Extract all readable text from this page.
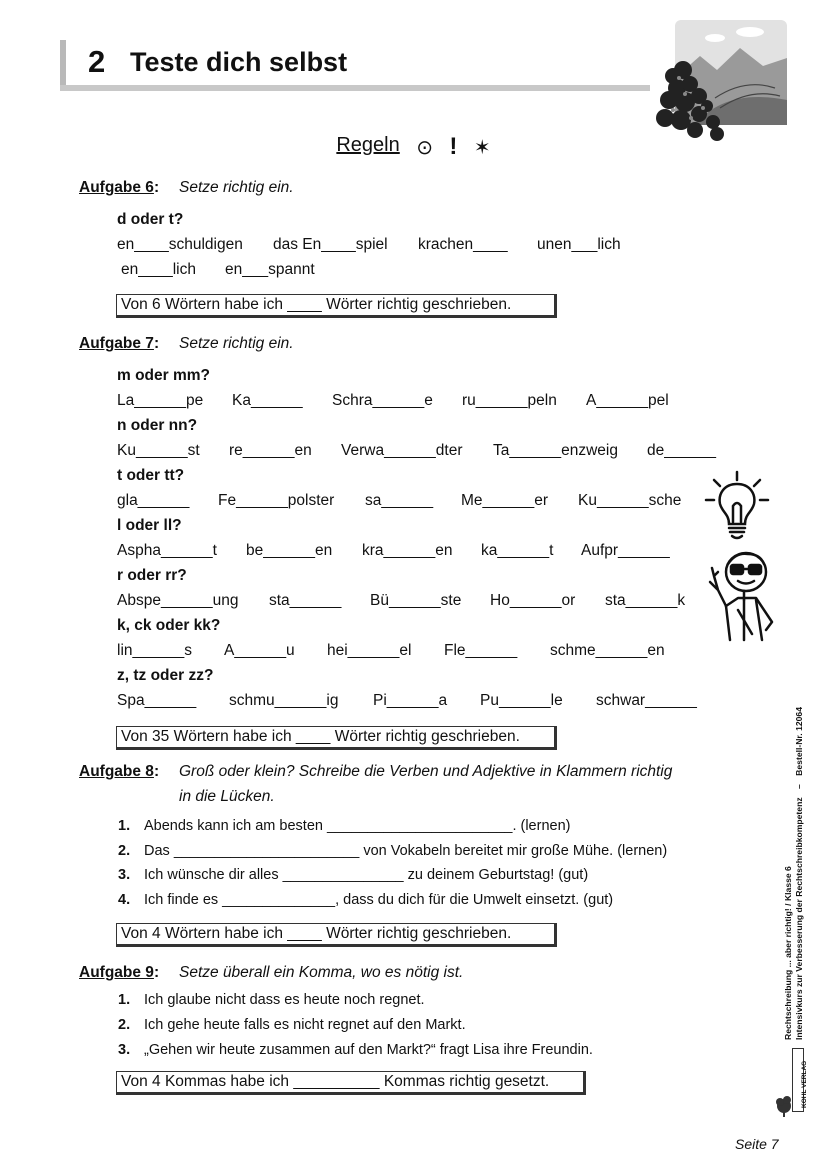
2 Teste dich selbst
Regeln ⊙ ! ✶
Aufgabe 6: Setze richtig ein.
d oder t?
en____schuldigen das En____spiel krachen____ unen___lich
en____lich en___spannt
Von 6 Wörtern habe ich ____ Wörter richtig geschrieben.
Aufgabe 7: Setze richtig ein.
m oder mm?
La______pe Ka______ Schra______e ru______peln A______pel
n oder nn?
Ku______st re______en Verwa______dter Ta______enzweig de______
t oder tt?
gla______ Fe______polster sa______ Me______er Ku______sche
l oder ll?
Aspha______t be______en kra______en ka______t Aufpr______
r oder rr?
Abspe______ung sta______ Bü______ste Ho______or sta______k
k, ck oder kk?
lin______s A______u hei______el Fle______ schme______en
z, tz oder zz?
Spa______ schmu______ig Pi______a Pu______le schwar______
Von 35 Wörtern habe ich ____ Wörter richtig geschrieben.
Aufgabe 8: Groß oder klein? Schreibe die Verben und Adjektive in Klammern richtig
in die Lücken.
1. Abends kann ich am besten _______________________. (lernen)
2. Das _______________________ von Vokabeln bereitet mir große Mühe. (lernen)
3. Ich wünsche dir alles _______________ zu deinem Geburtstag! (gut)
4. Ich finde es ______________, dass du dich für die Umwelt einsetzt. (gut)
Von 4 Wörtern habe ich ____ Wörter richtig geschrieben.
Aufgabe 9: Setze überall ein Komma, wo es nötig ist.
1. Ich glaube nicht dass es heute noch regnet.
2. Ich gehe heute falls es nicht regnet auf den Markt.
3. „Gehen wir heute zusammen auf den Markt?“ fragt Lisa ihre Freundin.
Von 4 Kommas habe ich __________ Kommas richtig gesetzt.
Rechtschreibung ... aber richtig! / Klasse 6 Intensivkurs zur Verbesserung der Rechtschreibkompetenz – Bestell-Nr. 12064
KOHL VERLAG
Seite 7
